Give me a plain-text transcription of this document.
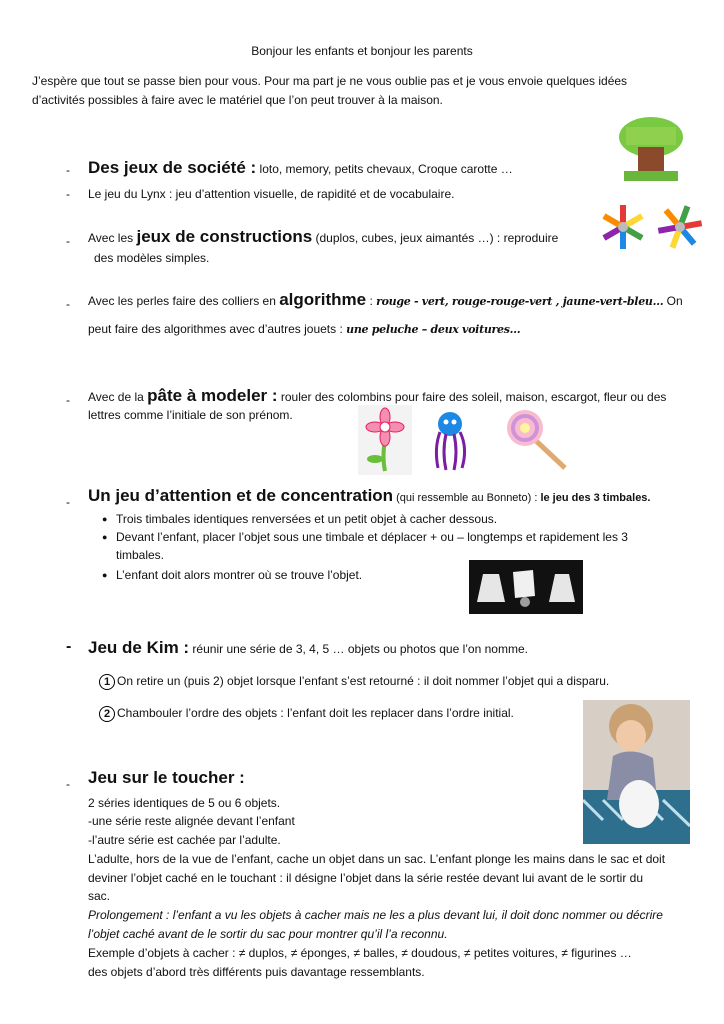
Bonjour les enfants et bonjour les parents
J’espère que tout se passe bien pour vous. Pour ma part je ne vous oublie pas et je vous envoie quelques idées
d’activités possibles à faire avec le matériel que l’on peut trouver à la maison.
- Des jeux de société : loto, memory, petits chevaux, Croque carotte …
- Le jeu du Lynx : jeu d’attention visuelle, de rapidité et de vocabulaire.
- Avec les jeux de constructions (duplos, cubes, jeux aimantés …) : reproduire
des modèles simples.
- Avec les perles faire des colliers en algorithme : rouge - vert, rouge-rouge-vert , jaune-vert-bleu… On
peut faire des algorithmes avec d’autres jouets : une peluche – deux voitures…
- Avec de la pâte à modeler : rouler des colombins pour faire des soleil, maison, escargot, fleur ou des
lettres comme l’initiale de son prénom.
- Un jeu d’attention et de concentration (qui ressemble au Bonneto) : le jeu des 3 timbales.
● Trois timbales identiques renversées et un petit objet à cacher dessous.
● Devant l’enfant, placer l’objet sous une timbale et déplacer + ou – longtemps et rapidement les 3
timbales.
● L’enfant doit alors montrer où se trouve l’objet.
- Jeu de Kim : réunir une série de 3, 4, 5 … objets ou photos que l’on nomme.
1 On retire un (puis 2) objet lorsque l’enfant s’est retourné : il doit nommer l’objet qui a disparu.
2 Chambouler l’ordre des objets : l’enfant doit les replacer dans l’ordre initial.
- Jeu sur le toucher :
2 séries identiques de 5 ou 6 objets.
-une série reste alignée devant l’enfant
-l’autre série est cachée par l’adulte.
L’adulte, hors de la vue de l’enfant, cache un objet dans un sac. L’enfant plonge les mains dans le sac et doit
deviner l’objet caché en le touchant : il désigne l’objet dans la série restée devant lui avant de le sortir du
sac.
Prolongement : l’enfant a vu les objets à cacher mais ne les a plus devant lui, il doit donc nommer ou décrire
l’objet caché avant de le sortir du sac pour montrer qu’il l’a reconnu.
Exemple d’objets à cacher : ≠ duplos, ≠ éponges, ≠ balles, ≠ doudous, ≠ petites voitures, ≠ figurines …
des objets d’abord très différents puis davantage ressemblants.
